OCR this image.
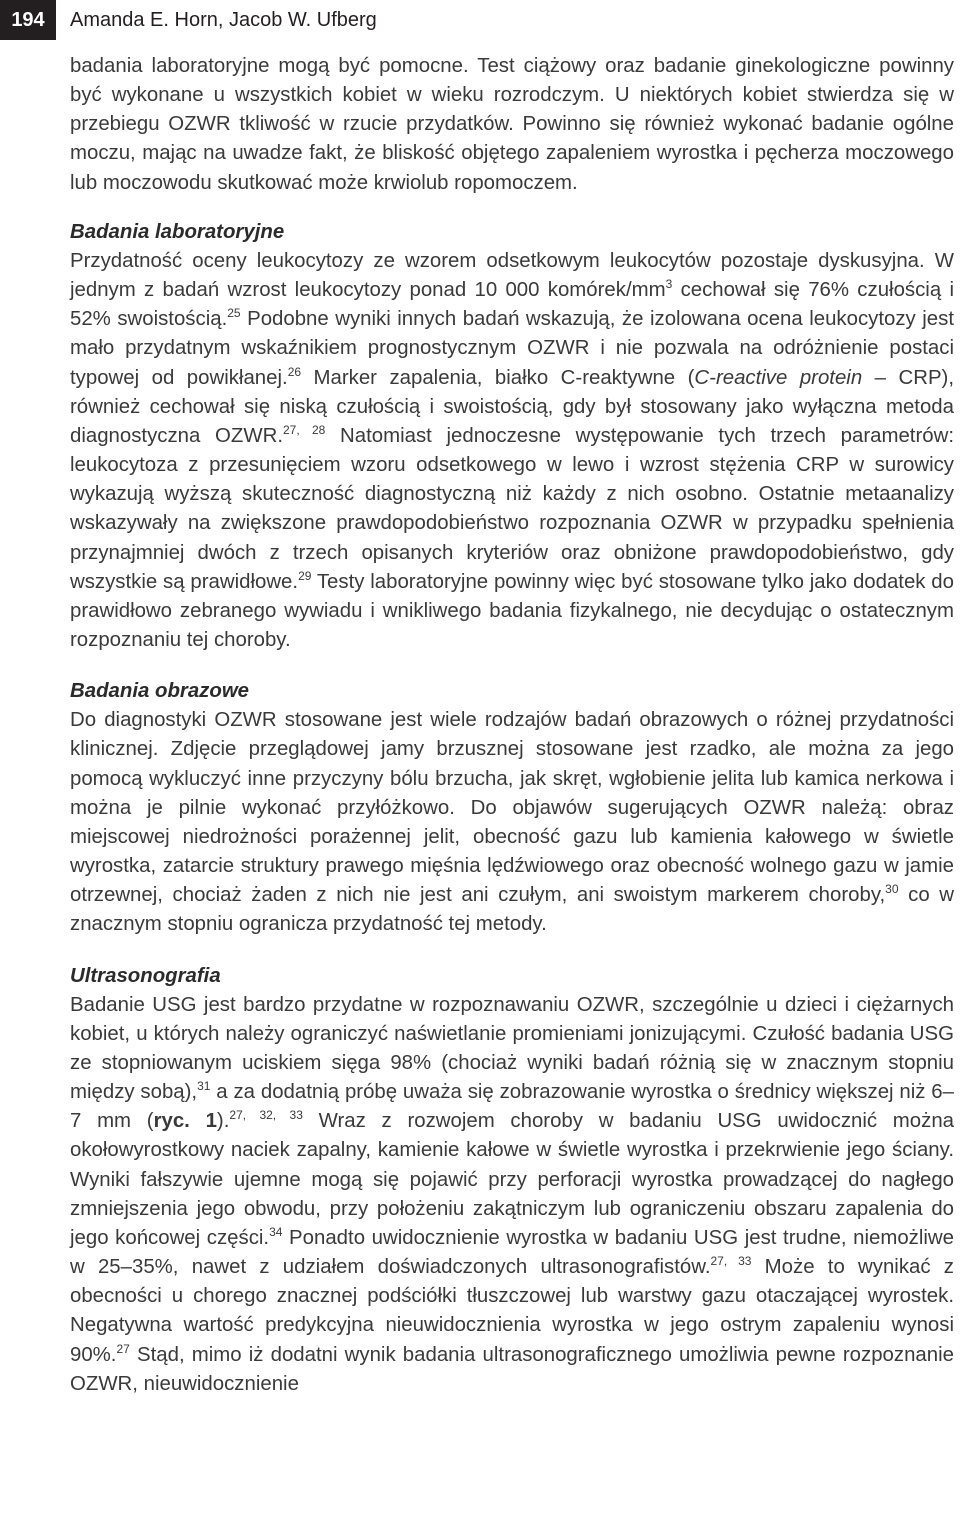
194	Amanda E. Horn, Jacob W. Ufberg

badania laboratoryjne mogą być pomocne. Test ciążowy oraz badanie ginekologiczne powinny być wykonane u wszystkich kobiet w wieku rozrodczym. U niektórych kobiet stwierdza się w przebiegu OZWR tkliwość w rzucie przydatków. Powinno się również wykonać badanie ogólne moczu, mając na uwadze fakt, że bliskość objętego zapaleniem wyrostka i pęcherza moczowego lub moczowodu skutkować może krwiolub ropomoczem.

Badania laboratoryjne

Przydatność oceny leukocytozy ze wzorem odsetkowym leukocytów pozostaje dyskusyjna. W jednym z badań wzrost leukocytozy ponad 10 000 komórek/$mm^3$ cechował się 76% czułością i 52% swoistością.$^{25}$ Podobne wyniki innych badań wskazują, że izolowana ocena leukocytozy jest mało przydatnym wskaźnikiem prognostycznym OZWR i nie pozwala na odróżnienie postaci typowej od powikłanej.$^{26}$ Marker zapalenia, białko C-reaktywne (C-reactive protein – CRP), również cechował się niską czułością i swoistością, gdy był stosowany jako wyłączna metoda diagnostyczna OZWR.$^{27, 28}$ Natomiast jednoczesne występowanie tych trzech parametrów: leukocytoza z przesunięciem wzoru odsetkowego w lewo i wzrost stężenia CRP w surowicy wykazują wyższą skuteczność diagnostyczną niż każdy z nich osobno. Ostatnie metaanalizy wskazywały na zwiększone prawdopodobieństwo rozpoznania OZWR w przypadku spełnienia przynajmniej dwóch z trzech opisanych kryteriów oraz obniżone prawdopodobieństwo, gdy wszystkie są prawidłowe.$^{29}$ Testy laboratoryjne powinny więc być stosowane tylko jako dodatek do prawidłowo zebranego wywiadu i wnikliwego badania fizykalnego, nie decydując o ostatecznym rozpoznaniu tej choroby.

Badania obrazowe

Do diagnostyki OZWR stosowane jest wiele rodzajów badań obrazowych o różnej przydatności klinicznej. Zdjęcie przeglądowej jamy brzusznej stosowane jest rzadko, ale można za jego pomocą wykluczyć inne przyczyny bólu brzucha, jak skręt, wgłobienie jelita lub kamica nerkowa i można je pilnie wykonać przyłóżkowo. Do objawów sugerujących OZWR należą: obraz miejscowej niedrożności porażennej jelit, obecność gazu lub kamienia kałowego w świetle wyrostka, zatarcie struktury prawego mięśnia lędźwiowego oraz obecność wolnego gazu w jamie otrzewnej, chociaż żaden z nich nie jest ani czułym, ani swoistym markerem choroby,$^{30}$ co w znacznym stopniu ogranicza przydatność tej metody.

Ultrasonografia

Badanie USG jest bardzo przydatne w rozpoznawaniu OZWR, szczególnie u dzieci i ciężarnych kobiet, u których należy ograniczyć naświetlanie promieniami jonizującymi. Czułość badania USG ze stopniowanym uciskiem sięga 98% (chociaż wyniki badań różnią się w znacznym stopniu między sobą),$^{31}$ a za dodatnią próbę uważa się zobrazowanie wyrostka o średnicy większej niż 6–7 mm (ryc. 1).$^{27, 32, 33}$ Wraz z rozwojem choroby w badaniu USG uwidocznić można okołowyrostkowy naciek zapalny, kamienie kałowe w świetle wyrostka i przekrwienie jego ściany. Wyniki fałszywie ujemne mogą się pojawić przy perforacji wyrostka prowadzącej do nagłego zmniejszenia jego obwodu, przy położeniu zakątniczym lub ograniczeniu obszaru zapalenia do jego końcowej części.$^{34}$ Ponadto uwidocznienie wyrostka w badaniu USG jest trudne, niemożliwe w 25–35%, nawet z udziałem doświadczonych ultrasonografistów.$^{27, 33}$ Może to wynikać z obecności u chorego znacznej podściółki tłuszczowej lub warstwy gazu otaczającej wyrostek. Negatywna wartość predykcyjna nieuwidocznienia wyrostka w jego ostrym zapaleniu wynosi 90%.$^{27}$ Stąd, mimo iż dodatni wynik badania ultrasonograficznego umożliwia pewne rozpoznanie OZWR, nieuwidocznienie
